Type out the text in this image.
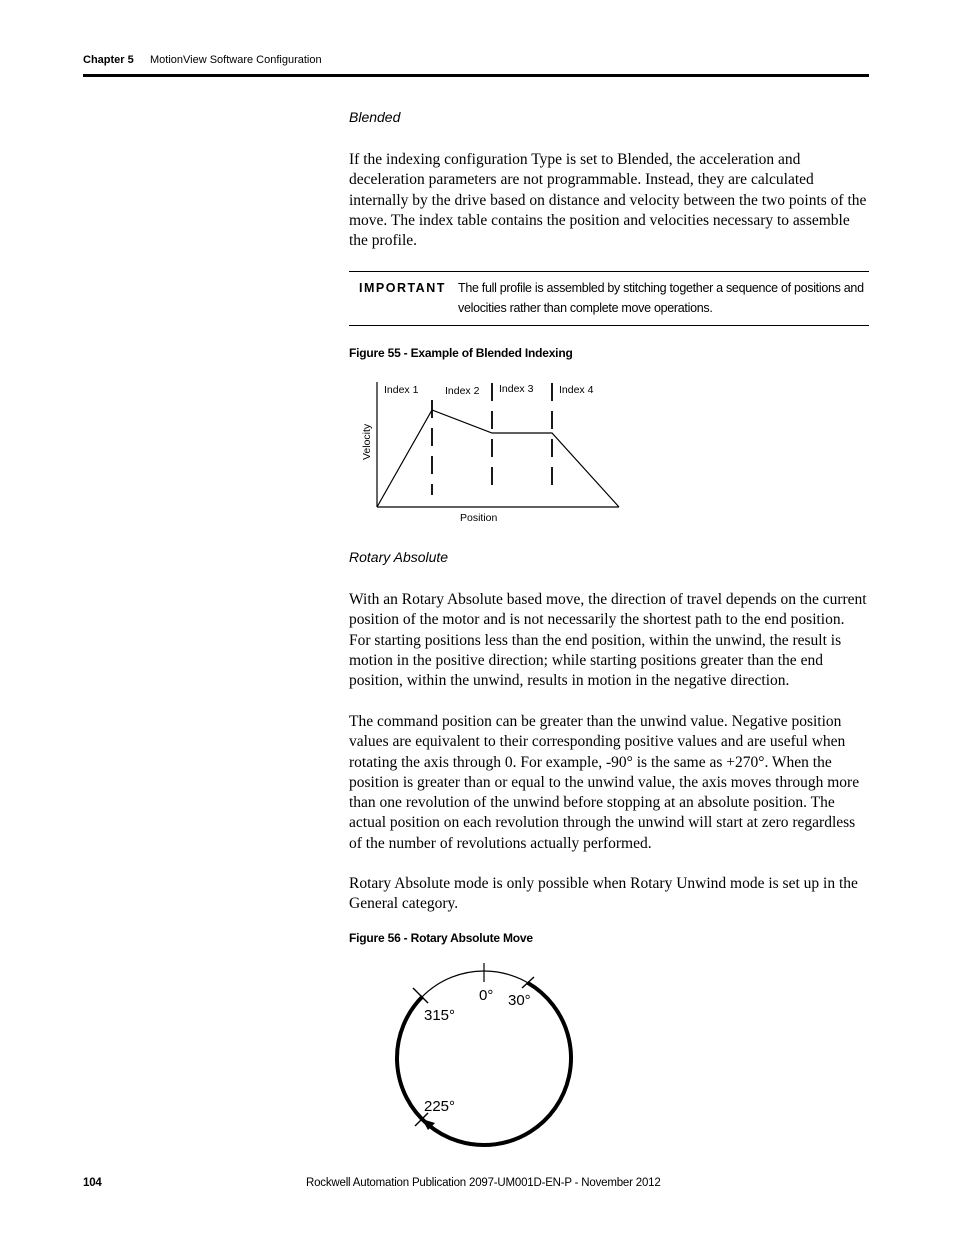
Chapter 5 MotionView Software Configuration
Blended
If the indexing configuration Type is set to Blended, the acceleration and deceleration parameters are not programmable. Instead, they are calculated internally by the drive based on distance and velocity between the two points of the move. The index table contains the position and velocities necessary to assemble the profile.
IMPORTANT The full profile is assembled by stitching together a sequence of positions and velocities rather than complete move operations.
Figure 55 - Example of Blended Indexing
Index 1	Index 2 Index 3 Index 4
Velocity
Position
Rotary Absolute
With an Rotary Absolute based move, the direction of travel depends on the current position of the motor and is not necessarily the shortest path to the end position. For starting positions less than the end position, within the unwind, the result is motion in the positive direction; while starting positions greater than the end position, within the unwind, results in motion in the negative direction.
The command position can be greater than the unwind value. Negative position values are equivalent to their corresponding positive values and are useful when rotating the axis through 0. For example, -90° is the same as +270°. When the position is greater than or equal to the unwind value, the axis moves through more than one revolution of the unwind before stopping at an absolute position. The actual position on each revolution through the unwind will start at zero regardless of the number of revolutions actually performed.
Rotary Absolute mode is only possible when Rotary Unwind mode is set up in the General category.
Figure 56 - Rotary Absolute Move
0° 30°
315°
225°
104	Rockwell Automation Publication 2097-UM001D-EN-P - November 2012
